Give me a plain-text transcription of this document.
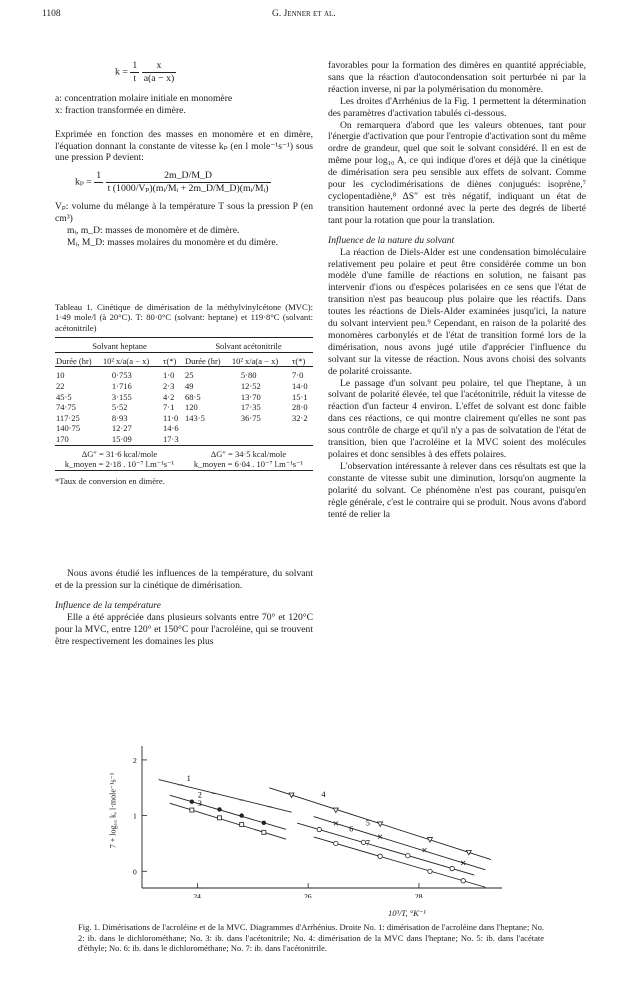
1108	G. Jenner et al.
$k = \frac{1}{t}$
$\frac{x}{a(a - x)}$

a: concentration molaire initiale en monomère

x: fraction transformée en dimère.

Exprimée en fonction des masses en monomère et en dimère, l'équation donnant la constante de vitesse kₚ (en l mole⁻¹s⁻¹) sous une pression P devient:

kₚ =
1

$\frac{2m\_D/M\_D}{\text{t (1000/Vₚ)(mᵢ/Mᵢ + 2m\_D/M\_D)(mᵢ/Mᵢ)}}$

Vₚ: volume du mélange à la température T sous la pression P (en cm³)

mᵢ, m_D: masses de monomère et de dimère.

Mᵢ, M_D: masses molaires du monomère et du dimère.

Tableau 1. Cinétique de dimérisation de la méthylvinylcétone (MVC): 1·49 mole/l (à 20°C). T: 80·0°C (solvant: heptane) et 119·8°C (solvant: acétonitrile)

Solvant heptane			Solvant acétonitrile		

Durée (hr)	10² x/a(a − x)	τ(*)	Durée (hr)	10² x/a(a − x)	τ(*)

10	0·753	1·0	25	5·80	7·0
22	1·716	2·3	49	12·52	14·0
45·5	3·155	4·2	68·5	13·70	15·1
74·75	5·52	7·1	120	17·35	28·0
117·25	8·93	11·0	143·5	36·75	32·2
140·75	12·27	14·6			
170	15·09	17·3			

ΔG″ = 31·6 kcal/mole			ΔG″ = 34·5 kcal/mole		
k_moyen = 2·18 . 10⁻⁷ l.m⁻¹s⁻¹			k_moyen = 6·04 . 10⁻⁷ l.m⁻¹s⁻¹		

*Taux de conversion en dimère.

Nous avons étudié les influences de la température, du solvant et de la pression sur la cinétique de dimérisation.

Influence de la température

Elle a été appréciée dans plusieurs solvants entre 70° et 120°C pour la MVC, entre 120° et 150°C pour l'acroléine, qui se trouvent être respectivement les domaines les plus

favorables pour la formation des dimères en quantité appréciable, sans que la réaction d'autocondensation soit perturbée ni par la réaction inverse, ni par la polymérisation du monomère.

Les droites d'Arrhénius de la Fig. 1 permettent la détermination des paramètres d'activation tabulés ci-dessous.

On remarquera d'abord que les valeurs obtenues, tant pour l'énergie d'activation que pour l'entropie d'activation sont du même ordre de grandeur, quel que soit le solvant considéré. Il en est de même pour log₁₀ A, ce qui indique d'ores et déjà que la cinétique de dimérisation sera peu sensible aux effets de solvant. Comme pour les cyclodimérisations de diènes conjugués: isoprène,⁷ cyclopentadiène,⁸ ΔS″ est très négatif, indiquant un état de transition hautement ordonné avec la perte des degrés de liberté tant pour la rotation que pour la translation.

Influence de la nature du solvant

La réaction de Diels-Alder est une condensation bimoléculaire relativement peu polaire et peut être considérée comme un bon modèle d'une famille de réactions en solution, ne faisant pas intervenir d'ions ou d'espèces polarisées en ce sens que l'état de transition n'est pas beaucoup plus polaire que les réactifs. Dans toutes les réactions de Diels-Alder examinées jusqu'ici, la nature du solvant intervient peu.⁹ Cependant, en raison de la polarité des monomères carbonylés et de l'état de transition formé lors de la dimérisation, nous avons jugé utile d'apprécier l'influence du solvant sur la vitesse de réaction. Nous avons choisi des solvants de polarité croissante.

Le passage d'un solvant peu polaire, tel que l'heptane, à un solvant de polarité élevée, tel que l'acétonitrile, réduit la vitesse de réaction d'un facteur 4 environ. L'effet de solvant est donc faible dans ces réactions, ce qui montre clairement qu'elles ne sont pas sous contrôle de charge et qu'il n'y a pas de solvatation de l'état de transition, bien que l'acroléine et la MVC soient des molécules polaires et donc sensibles à des effets polaires.

L'observation intéressante à relever dans ces résultats est que la constante de vitesse subit une diminution, lorsqu'on augmente la polarité du solvant. Ce phénomène n'est pas courant, puisqu'en règle générale, c'est le contraire qui se produit. Nous avons d'abord tenté de relier la

0
1
2
24	26	28
1
2
3
4
5
6
7
7 + log₁₀ k, l·mole⁻¹s⁻¹
10³/T, °K⁻¹
Fig. 1. Dimérisations de l'acroléine et de la MVC. Diagrammes d'Arrhénius. Droite No. 1: dimérisation de l'acroléine dans l'heptane; No. 2: ib. dans le dichlorométhane; No. 3: ib. dans l'acétonitrile; No. 4: dimérisation de la MVC dans l'heptane; No. 5: ib. dans l'acétate d'éthyle; No. 6: ib. dans le dichlorométhane; No. 7: ib. dans l'acétonitrile.
